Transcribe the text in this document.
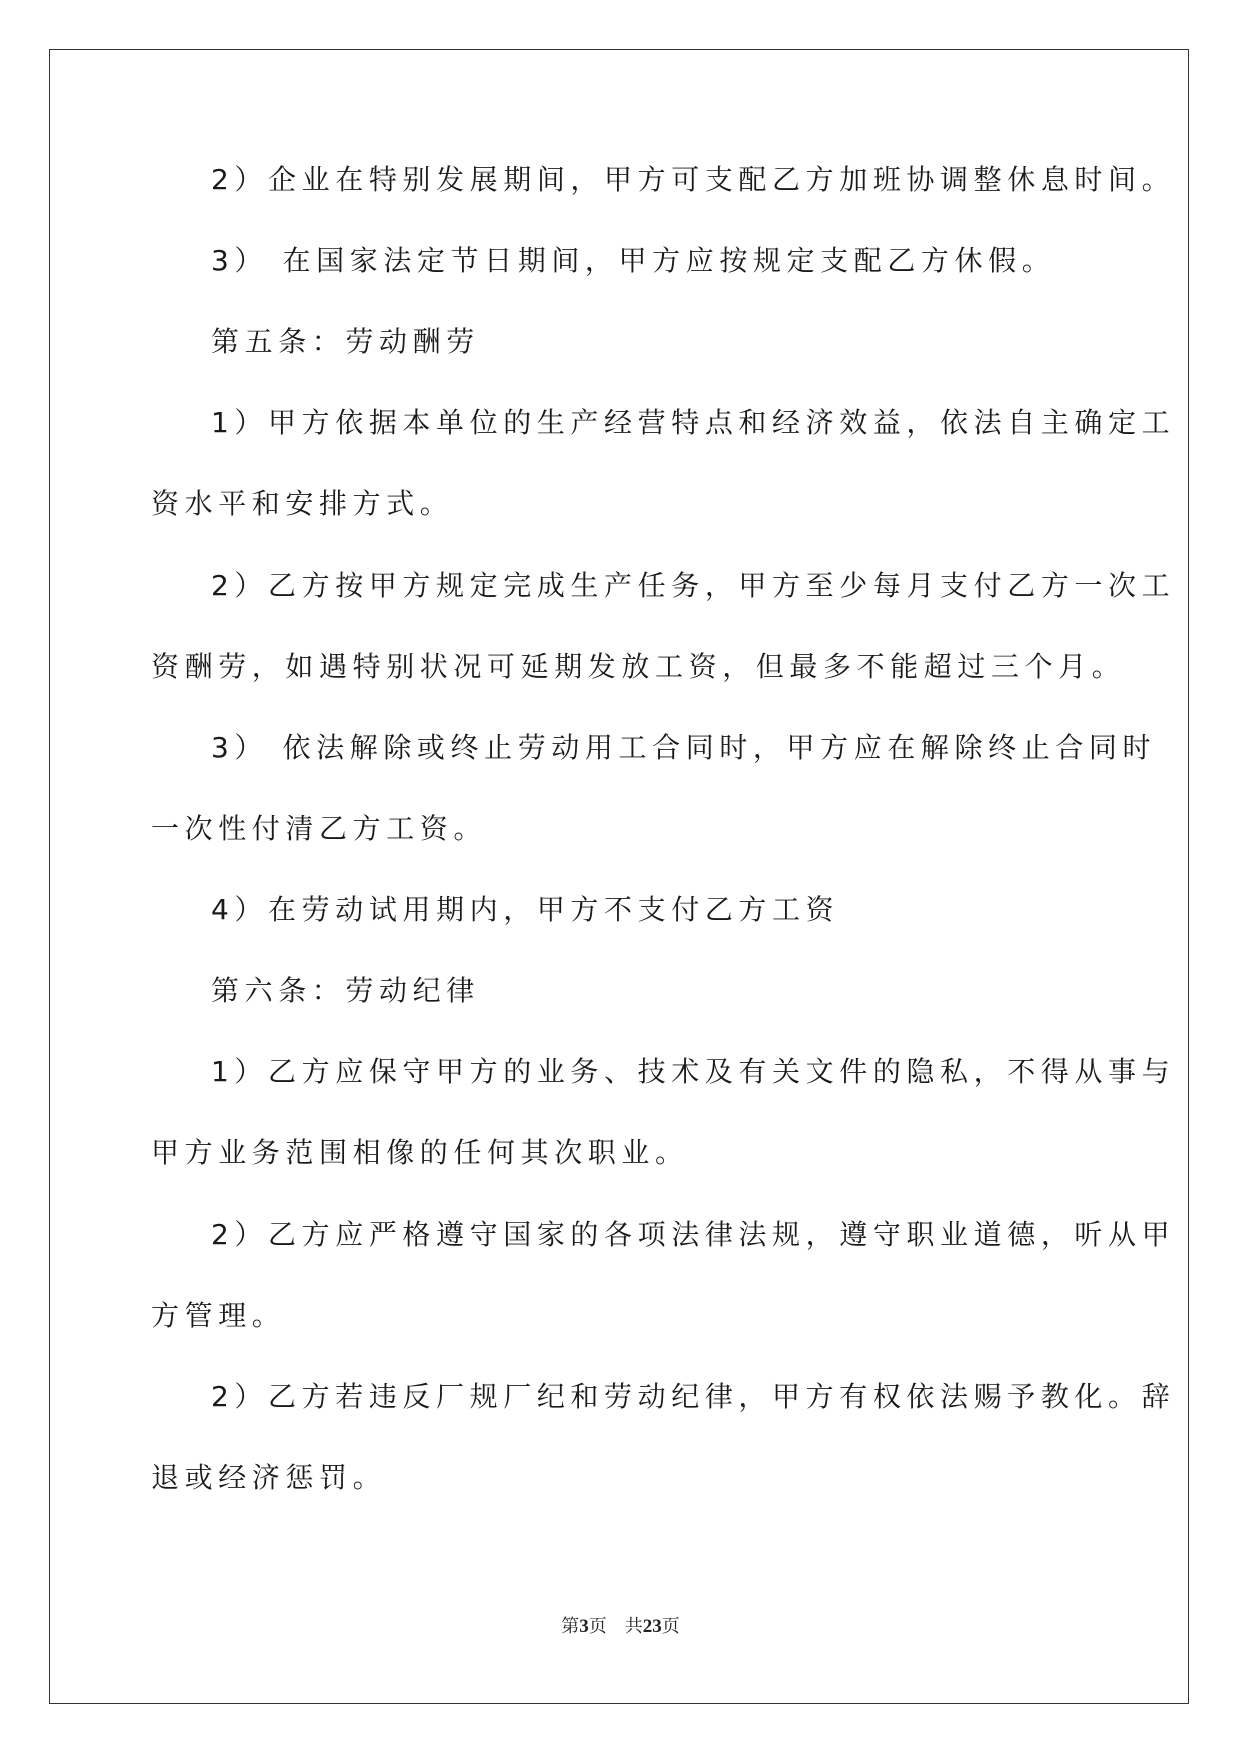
2）企业在特别发展期间，甲方可支配乙方加班协调整休息时间。
3） 在国家法定节日期间，甲方应按规定支配乙方休假。
第五条：劳动酬劳
1）甲方依据本单位的生产经营特点和经济效益，依法自主确定工
资水平和安排方式。
2）乙方按甲方规定完成生产任务，甲方至少每月支付乙方一次工
资酬劳，如遇特别状况可延期发放工资，但最多不能超过三个月。
3） 依法解除或终止劳动用工合同时，甲方应在解除终止合同时
一次性付清乙方工资。
4）在劳动试用期内，甲方不支付乙方工资
第六条：劳动纪律
1）乙方应保守甲方的业务、技术及有关文件的隐私，不得从事与
甲方业务范围相像的任何其次职业。
2）乙方应严格遵守国家的各项法律法规，遵守职业道德，听从甲
方管理。
2）乙方若违反厂规厂纪和劳动纪律，甲方有权依法赐予教化。辞
退或经济惩罚。
第3页 共23页
